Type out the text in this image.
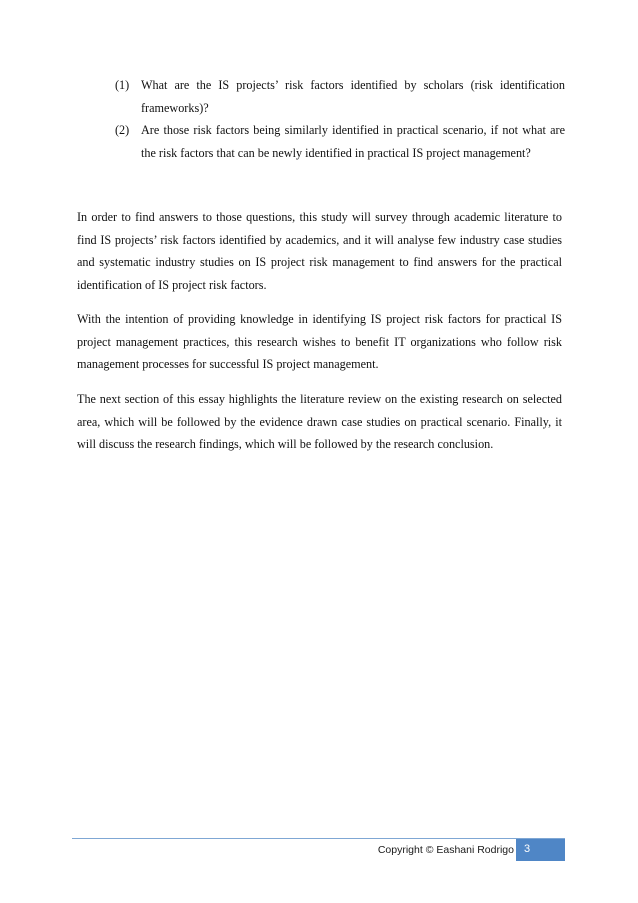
(1) What are the IS projects’ risk factors identified by scholars (risk identification frameworks)?
(2) Are those risk factors being similarly identified in practical scenario, if not what are the risk factors that can be newly identified in practical IS project management?

In order to find answers to those questions, this study will survey through academic literature to find IS projects’ risk factors identified by academics, and it will analyse few industry case studies and systematic industry studies on IS project risk management to find answers for the practical identification of IS project risk factors.

With the intention of providing knowledge in identifying IS project risk factors for practical IS project management practices, this research wishes to benefit IT organizations who follow risk management processes for successful IS project management.

The next section of this essay highlights the literature review on the existing research on selected area, which will be followed by the evidence drawn case studies on practical scenario. Finally, it will discuss the research findings, which will be followed by the research conclusion.

Copyright © Eashani Rodrigo 3
